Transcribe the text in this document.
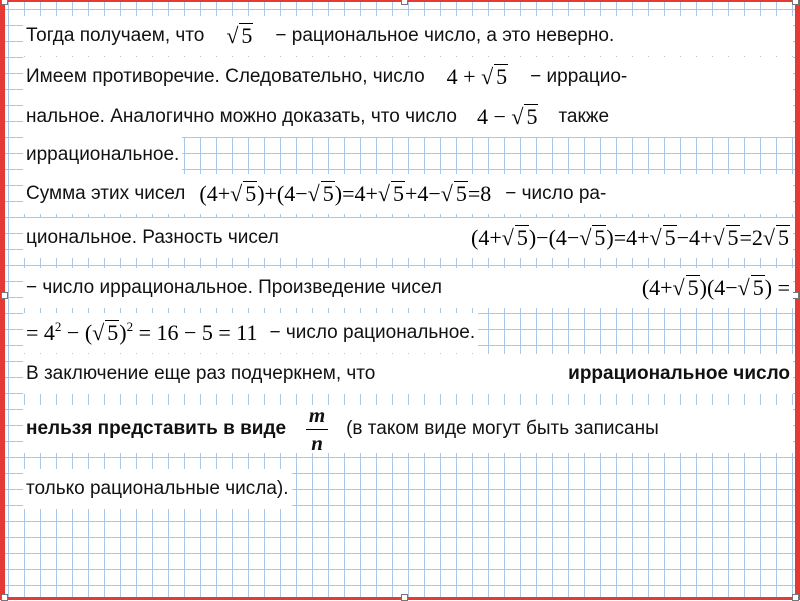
Тогда получаем, что √ 5 − рациональное число, а это неверно.
Имеем противоречие. Следовательно, число 4 + √ 5 − иррацио-
нальное. Аналогично можно доказать, что число 4 − √ 5 также
иррациональное.
Сумма этих чисел (4+√ 5)+(4−√ 5)=4+√ 5+4−√ 5=8 − число ра-
циональное. Разность чисел	(4+√ 5)−(4−√ 5)=4+√ 5−4+√ 5=2√ 5
− число иррациональное. Произведение чисел	(4+√ 5)(4−√ 5) =
= $4^2$ − (√ 5)$^2$ = 16 − 5 = 11 − число рациональное.
В заключение еще раз подчеркнем, что	иррациональное число
нельзя представить в виде $\frac{m}{n} (в$ таком виде могут быть записаны
только рациональные числа).
